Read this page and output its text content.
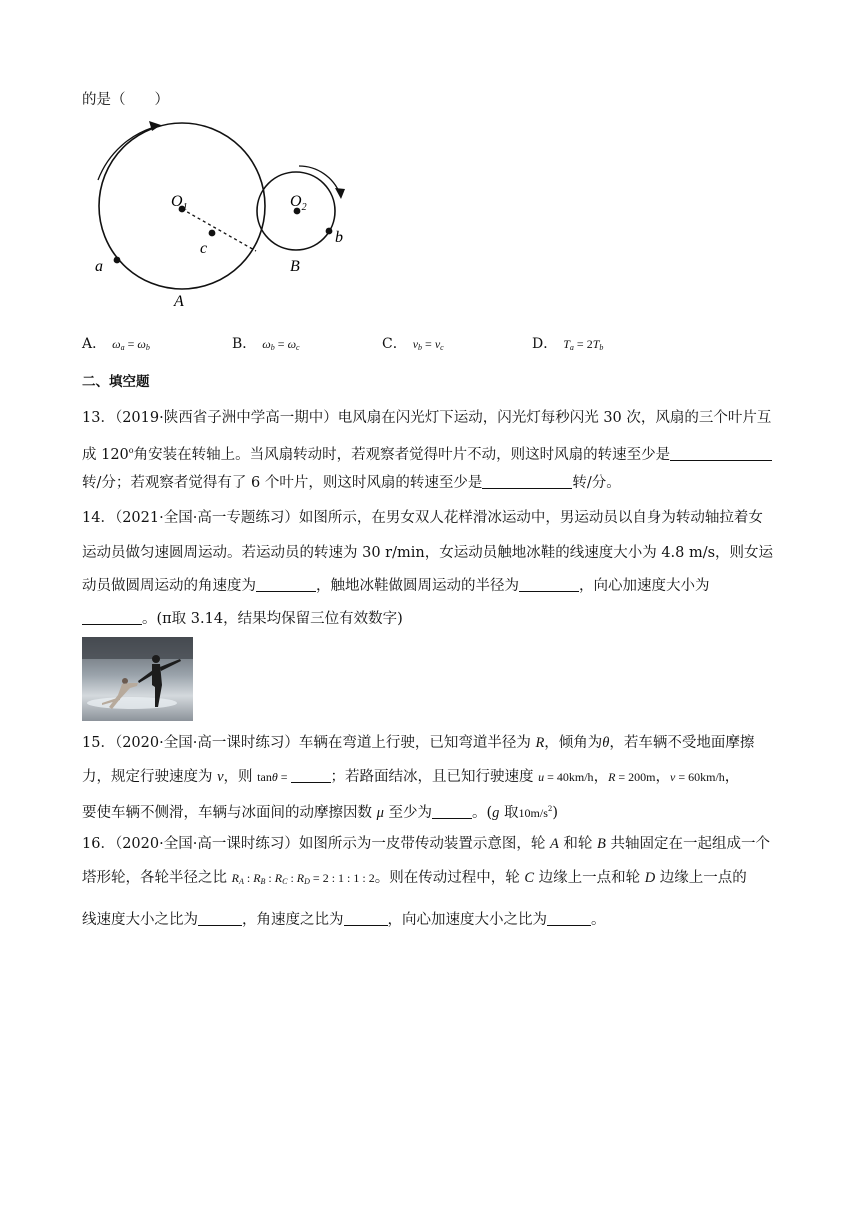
的是（　　）
$O_1$	$O_2$
c
a
b
A
B
A． $\omega_a = \omega_b$	B． $\omega_b = \omega_c$	C． $v_b = v_c$	D． $T_a = 2T_b$
二、填空题
13．（2019·陕西省子洲中学高一期中）电风扇在闪光灯下运动，闪光灯每秒闪光 30 次，风扇的三个叶片互
成 120$^o$角安装在转轴上。当风扇转动时，若观察者觉得叶片不动，则这时风扇的转速至少是
转/分；若观察者觉得有了 6 个叶片，则这时风扇的转速至少是	转/分。
14．（2021·全国·高一专题练习）如图所示，在男女双人花样滑冰运动中，男运动员以自身为转动轴拉着女
运动员做匀速圆周运动。若运动员的转速为 30 r/min，女运动员触地冰鞋的线速度大小为 4.8 m/s，则女运
动员做圆周运动的角速度为	，触地冰鞋做圆周运动的半径为	，向心加速度大小为
。(π取 3.14，结果均保留三位有效数字)
15．（2020·全国·高一课时练习）车辆在弯道上行驶，已知弯道半径为 R，倾角为θ，若车辆不受地面摩擦
力，规定行驶速度为 v，则 tanθ =	；若路面结冰，且已知行驶速度 u = 40km/h，R = 200m，v = 60km/h，
要使车辆不侧滑，车辆与冰面间的动摩擦因数 μ 至少为	。(g 取$10m/s^2$)
16．（2020·全国·高一课时练习）如图所示为一皮带传动装置示意图，轮 A 和轮 B 共轴固定在一起组成一个
塔形轮，各轮半径之比 $R_A$ : $R_B$ : $R_C$ : $R_D = 2$ : 1 : 1 : 2。则在传动过程中，轮 C 边缘上一点和轮 D 边缘上一点的
线速度大小之比为	，角速度之比为	，向心加速度大小之比为	。
